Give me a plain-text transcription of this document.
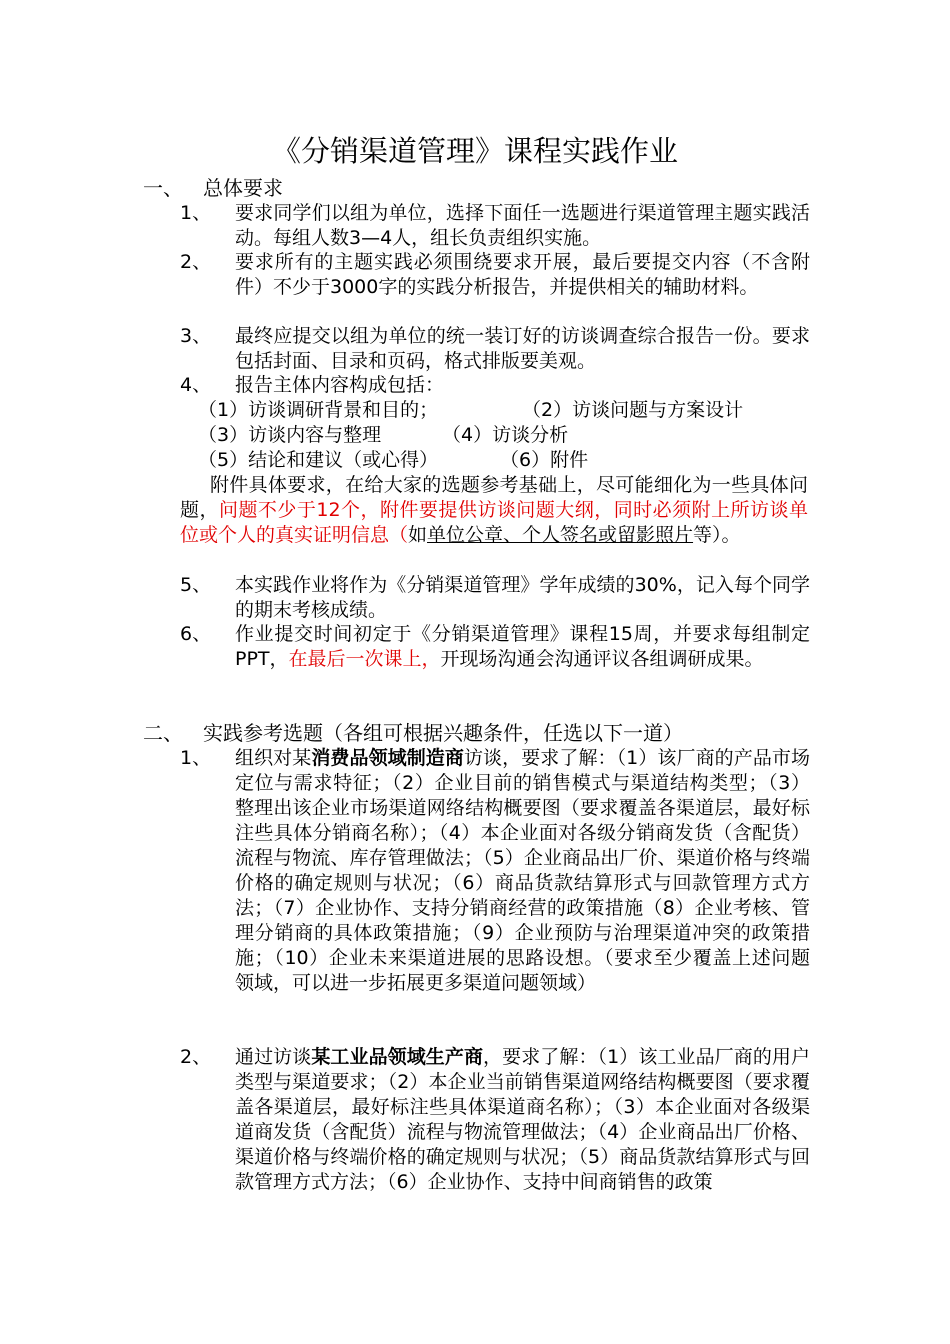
《分销渠道管理》课程实践作业
一、 总体要求
1、 要求同学们以组为单位，选择下面任一选题进行渠道管理主题实践活动。每组人数3—4人，组长负责组织实施。
2、 要求所有的主题实践必须围绕要求开展，最后要提交内容（不含附件）不少于3000字的实践分析报告，并提供相关的辅助材料。
3、 最终应提交以组为单位的统一装订好的访谈调查综合报告一份。要求包括封面、目录和页码，格式排版要美观。
4、 报告主体内容构成包括：
（1）访谈调研背景和目的；	（2）访谈问题与方案设计
（3）访谈内容与整理	（4）访谈分析
（5）结论和建议（或心得）	（6）附件
附件具体要求，在给大家的选题参考基础上，尽可能细化为一些具体问题，问题不少于12个，附件要提供访谈问题大纲，同时必须附上所访谈单位或个人的真实证明信息（如单位公章、个人签名或留影照片等）。
5、 本实践作业将作为《分销渠道管理》学年成绩的30%，记入每个同学的期末考核成绩。
6、 作业提交时间初定于《分销渠道管理》课程15周，并要求每组制定PPT，在最后一次课上，开现场沟通会沟通评议各组调研成果。
二、 实践参考选题（各组可根据兴趣条件，任选以下一道）
1、 组织对某消费品领域制造商访谈，要求了解：（1）该厂商的产品市场定位与需求特征；（2）企业目前的销售模式与渠道结构类型；（3）整理出该企业市场渠道网络结构概要图（要求覆盖各渠道层，最好标注些具体分销商名称）；（4）本企业面对各级分销商发货（含配货）流程与物流、库存管理做法；（5）企业商品出厂价、渠道价格与终端价格的确定规则与状况；（6）商品货款结算形式与回款管理方式方法；（7）企业协作、支持分销商经营的政策措施（8）企业考核、管理分销商的具体政策措施；（9）企业预防与治理渠道冲突的政策措施；（10）企业未来渠道进展的思路设想。（要求至少覆盖上述问题领域，可以进一步拓展更多渠道问题领域）
2、 通过访谈某工业品领域生产商，要求了解：（1）该工业品厂商的用户类型与渠道要求；（2）本企业当前销售渠道网络结构概要图（要求覆盖各渠道层，最好标注些具体渠道商名称）；（3）本企业面对各级渠道商发货（含配货）流程与物流管理做法；（4）企业商品出厂价格、渠道价格与终端价格的确定规则与状况；（5）商品货款结算形式与回款管理方式方法；（6）企业协作、支持中间商销售的政策
